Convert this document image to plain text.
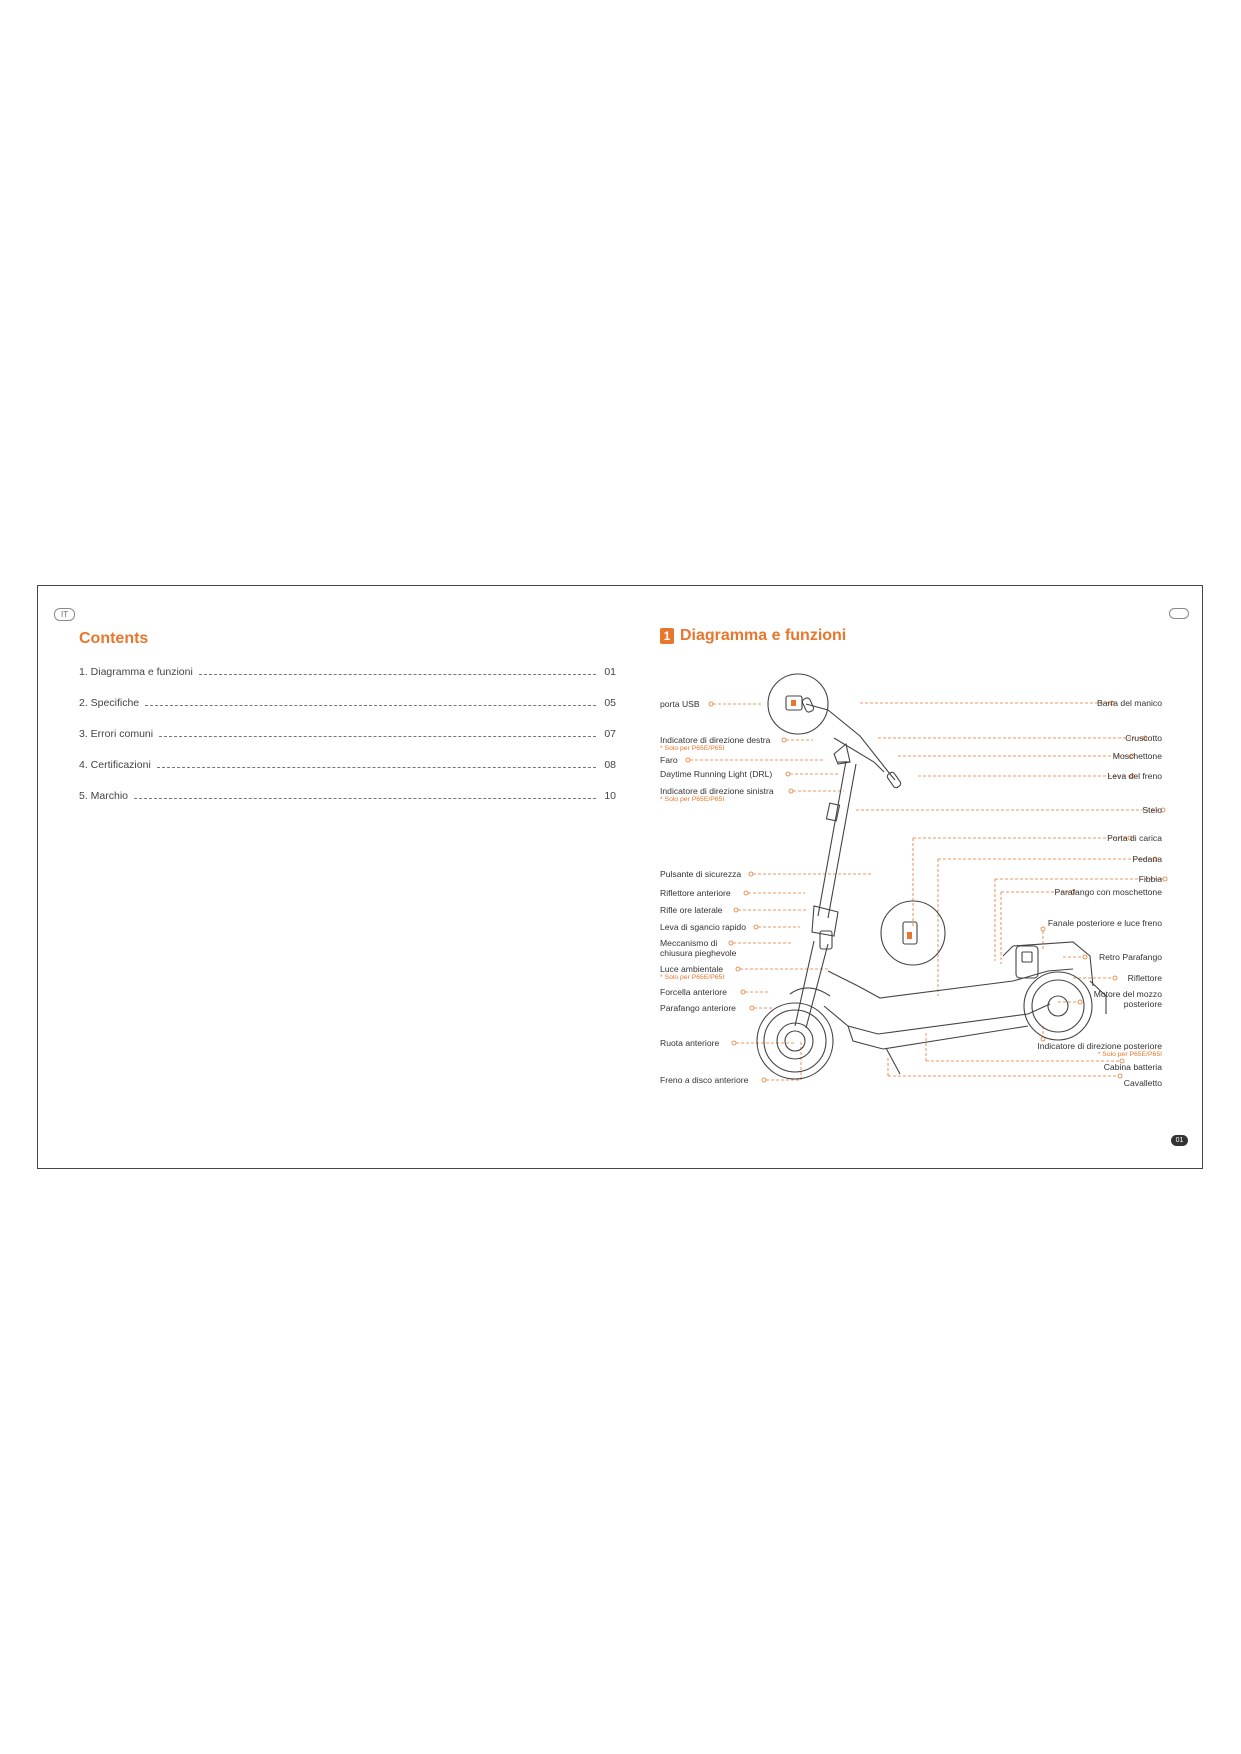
IT
Contents
1. Diagramma e funzioni	01
2. Specifiche	05
3. Errori comuni	07
4. Certificazioni	08
5. Marchio	10
1 Diagramma e funzioni
porta USB
Indicatore di direzione destra
* Solo per P65E/P65I
Faro
Daytime Running Light (DRL)
Indicatore di direzione sinistra
* Solo per P65E/P65I
Pulsante di sicurezza
Riflettore anteriore
Rifle ore laterale
Leva di sgancio rapido
Meccanismo di
chiusura pieghevole
Luce ambientale
* Solo per P65E/P65I
Forcella anteriore
Parafango anteriore
Ruota anteriore
Freno a disco anteriore
Barra del manico
Cruscotto
Moschettone
Leva del freno
Stelo
Porta di carica
Pedana
Fibbia
Parafango con moschettone
Fanale posteriore e luce freno
Retro Parafango
Riflettore
Motore del mozzo
posteriore
Indicatore di direzione posteriore
* Solo per P65E/P65I
Cabina batteria
Cavalletto
01
